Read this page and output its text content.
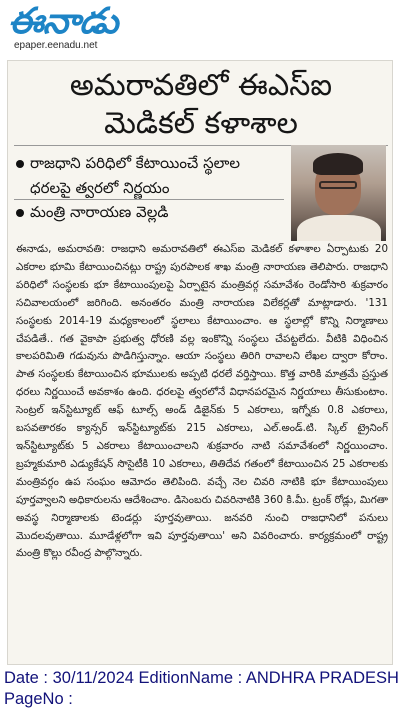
ఈనాడు
epaper.eenadu.net
అమరావతిలో ఈఎస్ఐ
మెడికల్ కళాశాల
రాజధాని పరిధిలో కేటాయించే స్థలాల ధరలపై త్వరలో నిర్ణయం
మంత్రి నారాయణ వెల్లడి

ఈనాడు, అమరావతి: రాజధాని అమరావతిలో ఈఎస్ఐ మెడికల్ కళాశాల ఏర్పాటుకు 20 ఎకరాల భూమి కేటాయించినట్లు రాష్ట్ర పురపాలక శాఖ మంత్రి నారాయణ తెలిపారు. రాజధాని పరిధిలో సంస్థలకు భూ కేటాయింపులపై ఏర్పాటైన మంత్రివర్గ సమావేశం రెండోసారి శుక్రవారం సచివాలయంలో జరిగింది. అనంతరం మంత్రి నారాయణ విలేకర్లతో మాట్లాడారు. '131 సంస్థలకు 2014-19 మధ్యకాలంలో స్థలాలు కేటాయించాం. ఆ స్థలాల్లో కొన్ని నిర్మాణాలు చేపడితే.. గత వైకాపా ప్రభుత్వ ధోరణి వల్ల ఇంకొన్ని సంస్థలు చేపట్టలేదు. వీటికి విధించిన కాలపరిమితి గడువును పొడిగిస్తున్నాం. ఆయా సంస్థలు తిరిగి రావాలని లేఖల ద్వారా కోరాం. పాత సంస్థలకు కేటాయించిన భూములకు అప్పటి ధరలే వర్తిస్తాయి. కొత్త వారికి మాత్రమే ప్రస్తుత ధరలు నిర్ణయించే అవకాశం ఉంది. ధరలపై త్వరలోనే విధానపరమైన నిర్ణయాలు తీసుకుంటాం. సెంట్రల్ ఇన్‌స్టిట్యూట్ ఆఫ్ టూల్స్ అండ్ డిజైన్‌కు 5 ఎకరాలు, ఇగ్నోకు 0.8 ఎకరాలు, బసవతారకం క్యాన్సర్ ఇన్‌స్టిట్యూట్‌కు 215 ఎకరాలు, ఎల్.అండ్.టి. స్కిల్ ట్రైనింగ్ ఇన్‌స్టిట్యూట్‌కు 5 ఎకరాలు కేటాయించాలని శుక్రవారం నాటి సమావేశంలో నిర్ణయించాం. బ్రహ్మకుమారి ఎడ్యుకేషన్ సొసైటీకి 10 ఎకరాలు, తితిదేవ గతంలో కేటాయించిన 25 ఎకరాలకు మంత్రివర్గం ఉప సంఘం ఆమోదం తెలిపింది. వచ్చే నెల చివరి నాటికి భూ కేటాయింపులు పూర్తవ్వాలని అధికారులను ఆదేశించాం. డిసెంబరు చివరినాటికి 360 కి.మీ. ట్రంక్ రోడ్లు, మిగతా అవస్థ నిర్మాణాలకు టెండర్లు పూర్తవుతాయి. జనవరి నుంచి రాజధానిలో పనులు మొదలవుతాయి. మూడేళ్లలోగా ఇవి పూర్తవుతాయి' అని వివరించారు. కార్యక్రమంలో రాష్ట్ర మంత్రి కొల్లు రవీంద్ర పాల్గొన్నారు.

Date : 30/11/2024 EditionName : ANDHRA PRADESH PageNo :
